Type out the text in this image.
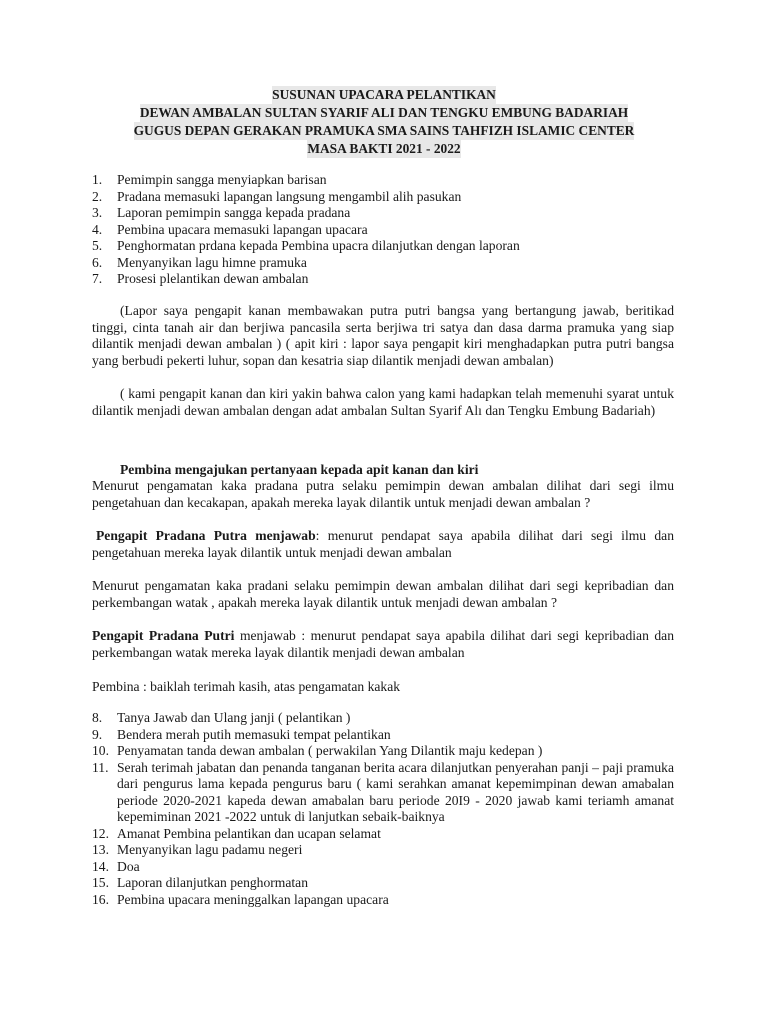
SUSUNAN UPACARA PELANTIKAN
DEWAN AMBALAN SULTAN SYARIF ALI DAN TENGKU EMBUNG BADARIAH
GUGUS DEPAN GERAKAN PRAMUKA SMA SAINS TAHFIZH ISLAMIC CENTER
MASA BAKTI 2021 - 2022
1. Pemimpin sangga menyiapkan barisan
2. Pradana memasuki lapangan langsung mengambil alih pasukan
3. Laporan pemimpin sangga kepada pradana
4. Pembina upacara memasuki lapangan upacara
5. Penghormatan prdana kepada Pembina upacra dilanjutkan dengan laporan
6. Menyanyikan lagu himne pramuka
7. Prosesi plelantikan dewan ambalan

(Lapor saya pengapit kanan membawakan putra putri bangsa yang bertangung jawab, beritikad tinggi, cinta tanah air dan berjiwa pancasila serta berjiwa tri satya dan dasa darma pramuka yang siap dilantik menjadi dewan ambalan ) ( apit kiri : lapor saya pengapit kiri menghadapkan putra putri bangsa yang berbudi pekerti luhur, sopan dan kesatria siap dilantik menjadi dewan ambalan)

( kami pengapit kanan dan kiri yakin bahwa calon yang kami hadapkan telah memenuhi syarat untuk dilantik menjadi dewan ambalan dengan adat ambalan Sultan Syarif Alı dan Tengku Embung Badariah)

Pembina mengajukan pertanyaan kepada apit kanan dan kiri

Menurut pengamatan kaka pradana putra selaku pemimpin dewan ambalan dilihat dari segi ilmu pengetahuan dan kecakapan, apakah mereka layak dilantik untuk menjadi dewan ambalan ?

Pengapit Pradana Putra menjawab: menurut pendapat saya apabila dilihat dari segi ilmu dan pengetahuan mereka layak dilantik untuk menjadi dewan ambalan

Menurut pengamatan kaka pradani selaku pemimpin dewan ambalan dilihat dari segi kepribadian dan perkembangan watak , apakah mereka layak dilantik untuk menjadi dewan ambalan ?

Pengapit Pradana Putri menjawab : menurut pendapat saya apabila dilihat dari segi kepribadian dan perkembangan watak mereka layak dilantik menjadi dewan ambalan

Pembina : baiklah terimah kasih, atas pengamatan kakak

8. Tanya Jawab dan Ulang janji ( pelantikan )
9. Bendera merah putih memasuki tempat pelantikan
10. Penyamatan tanda dewan ambalan ( perwakilan Yang Dilantik maju kedepan )
11. Serah terimah jabatan dan penanda tanganan berita acara dilanjutkan penyerahan panji – paji pramuka dari pengurus lama kepada pengurus baru ( kami serahkan amanat kepemimpinan dewan amabalan periode 2020-2021 kapeda dewan amabalan baru periode 20I9 - 2020 jawab kami teriamh amanat kepemiminan 2021 -2022 untuk di lanjutkan sebaik-baiknya
12. Amanat Pembina pelantikan dan ucapan selamat
13. Menyanyikan lagu padamu negeri
14. Doa
15. Laporan dilanjutkan penghormatan
16. Pembina upacara meninggalkan lapangan upacara
